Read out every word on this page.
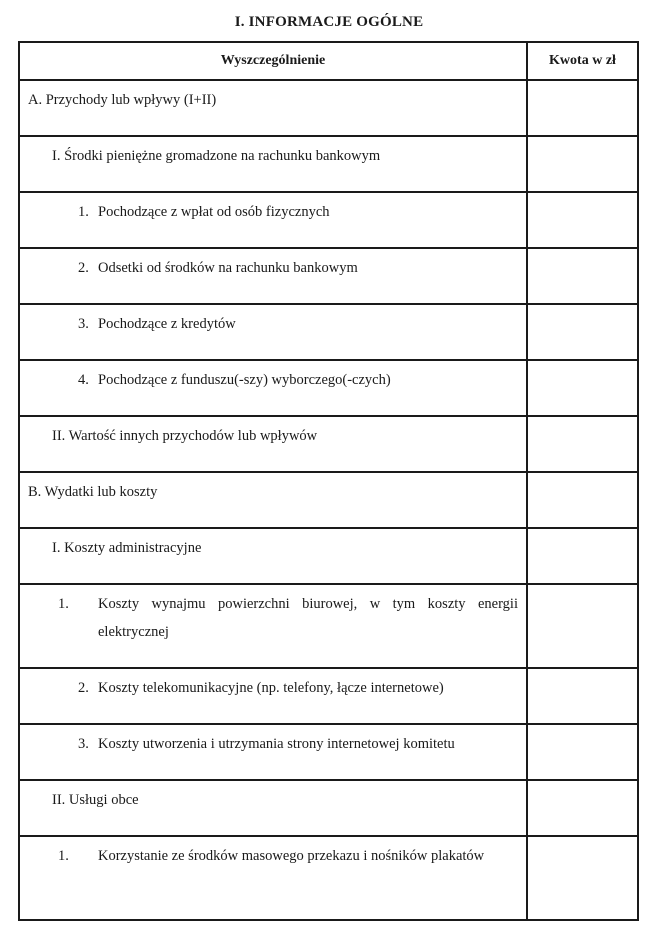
I. INFORMACJE OGÓLNE
Wyszczególnienie	Kwota w zł

A. Przychody lub wpływy (I+II)	

I. Środki pieniężne gromadzone na rachunku bankowym	

1. Pochodzące z wpłat od osób fizycznych	

2. Odsetki od środków na rachunku bankowym	

3. Pochodzące z kredytów	

4. Pochodzące z funduszu(-szy) wyborczego(-czych)	

II. Wartość innych przychodów lub wpływów	

B. Wydatki lub koszty	

I. Koszty administracyjne	

1. Koszty wynajmu powierzchni biurowej, w tym koszty energii elektrycznej	

2. Koszty telekomunikacyjne (np. telefony, łącze internetowe)	

3. Koszty utworzenia i utrzymania strony internetowej komitetu	

II. Usługi obce	

1. Korzystanie ze środków masowego przekazu i nośników plakatów	
